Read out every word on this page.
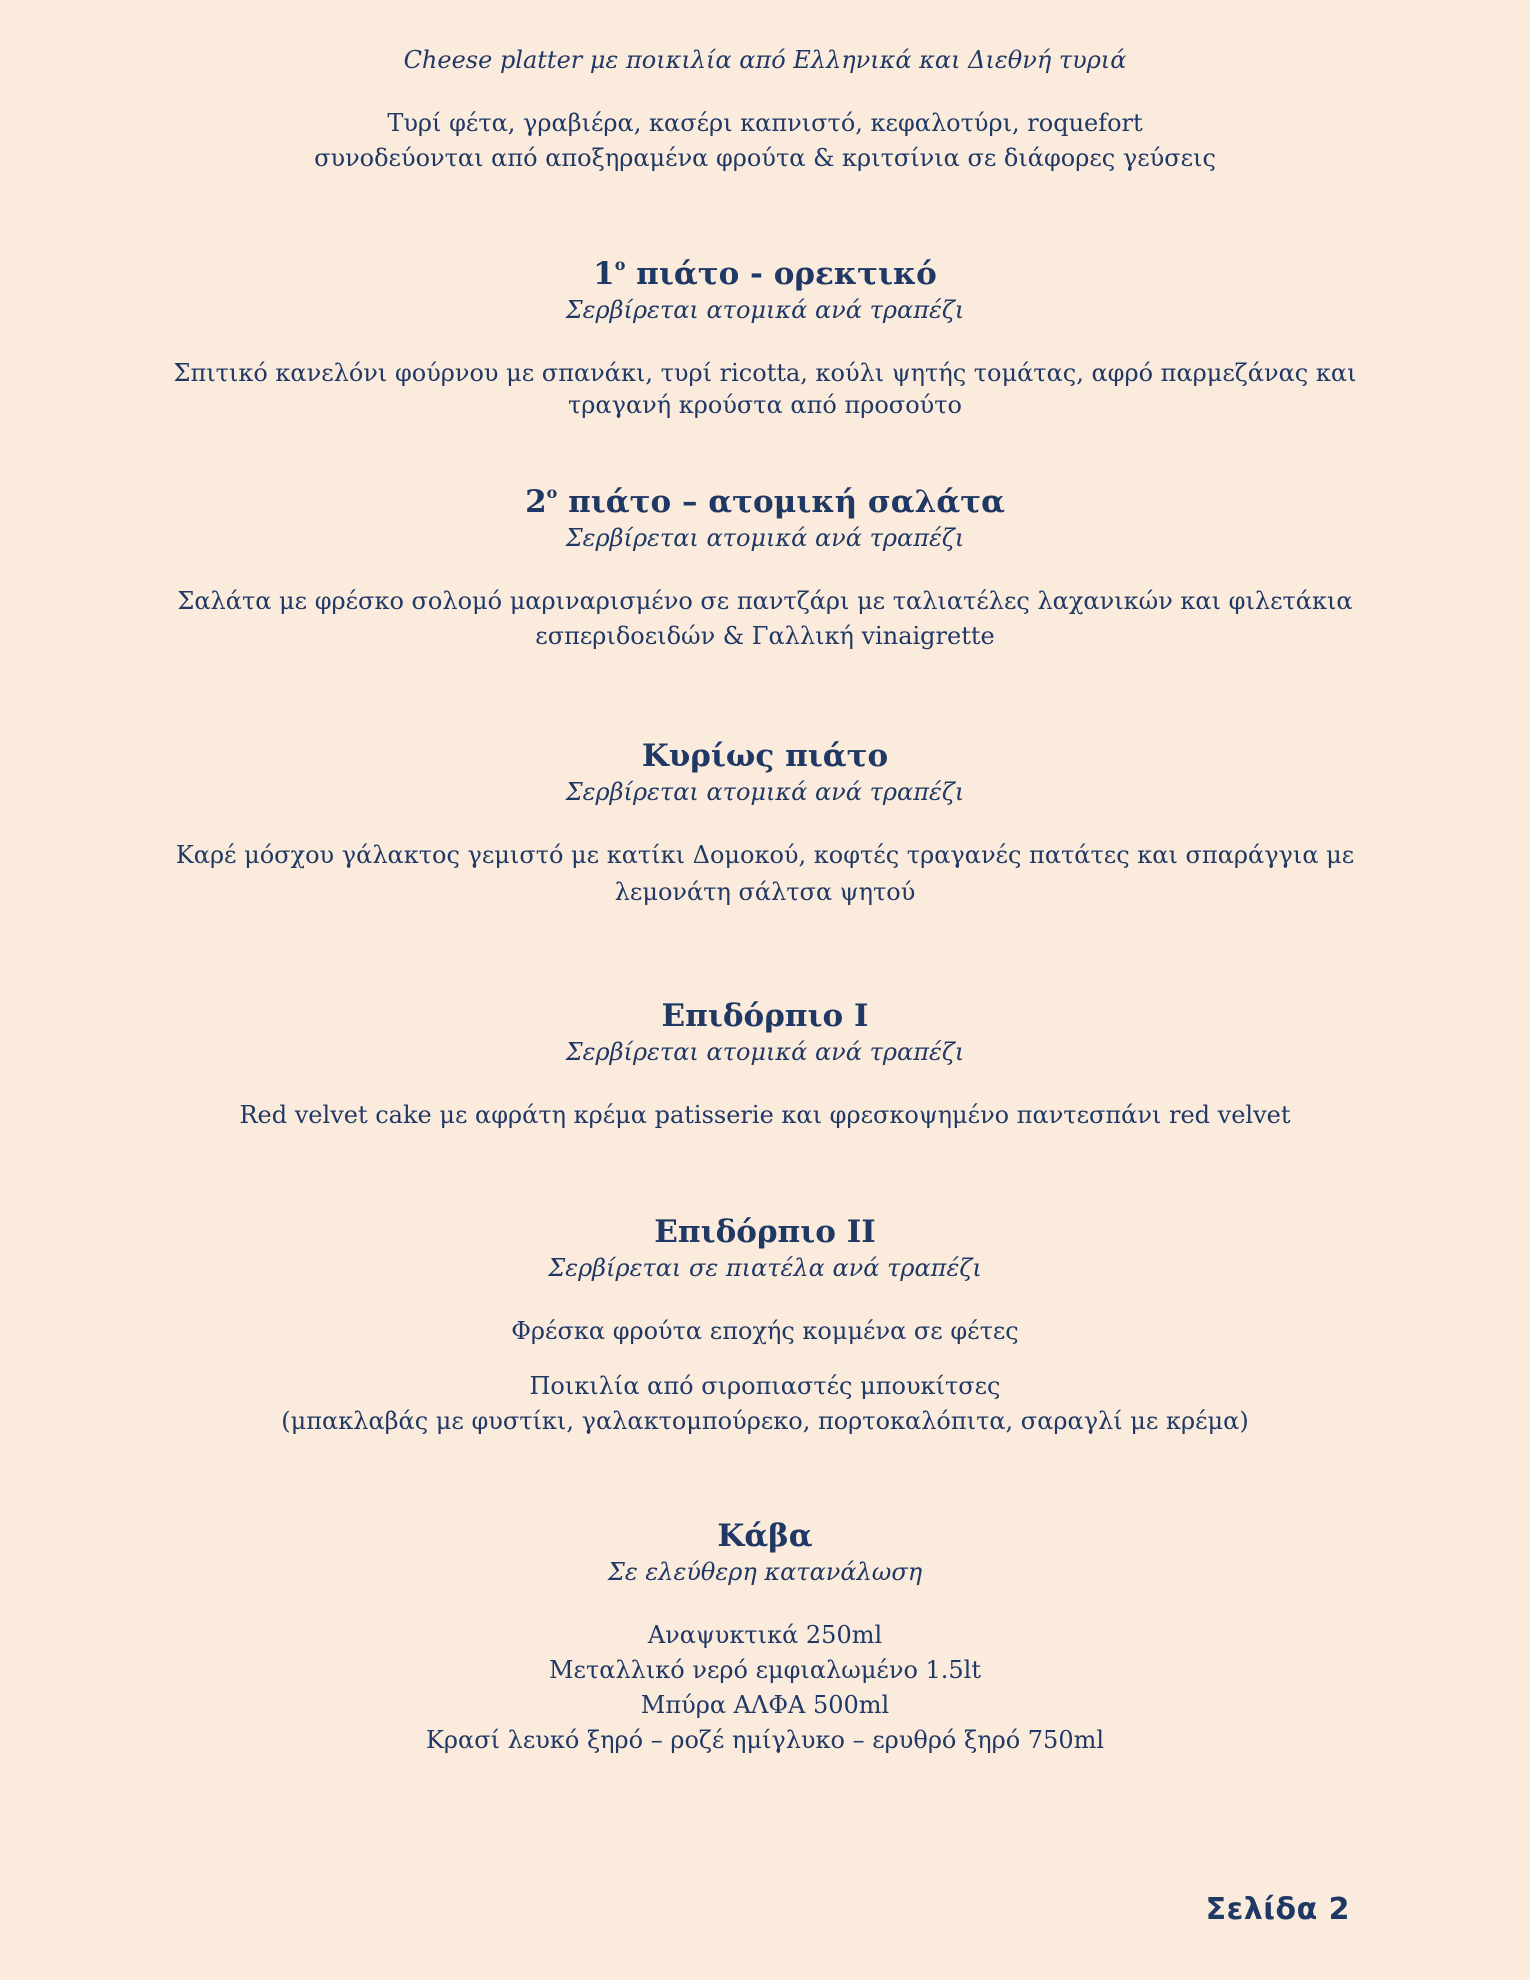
Cheese platter με ποικιλία από Ελληνικά και Διεθνή τυριά

Τυρί φέτα, γραβιέρα, κασέρι καπνιστό, κεφαλοτύρι, roquefort

συνοδεύονται από αποξηραμένα φρούτα & κριτσίνια σε διάφορες γεύσεις

$1^o$ πιάτο - ορεκτικό

Σερβίρεται ατομικά ανά τραπέζι

Σπιτικό κανελόνι φούρνου με σπανάκι, τυρί ricotta, κούλι ψητής τομάτας, αφρό παρμεζάνας και

τραγανή κρούστα από προσούτο

$2^o$ πιάτο – ατομική σαλάτα

Σερβίρεται ατομικά ανά τραπέζι

Σαλάτα με φρέσκο σολομό μαριναρισμένο σε παντζάρι με ταλιατέλες λαχανικών και φιλετάκια

εσπεριδοειδών & Γαλλική vinaigrette

Κυρίως πιάτο

Σερβίρεται ατομικά ανά τραπέζι

Καρέ μόσχου γάλακτος γεμιστό με κατίκι Δομοκού, κοφτές τραγανές πατάτες και σπαράγγια με

λεμονάτη σάλτσα ψητού

Επιδόρπιο Ι

Σερβίρεται ατομικά ανά τραπέζι

Red velvet cake με αφράτη κρέμα patisserie και φρεσκοψημένο παντεσπάνι red velvet

Επιδόρπιο ΙΙ

Σερβίρεται σε πιατέλα ανά τραπέζι

Φρέσκα φρούτα εποχής κομμένα σε φέτες

Ποικιλία από σιροπιαστές μπουκίτσες

(μπακλαβάς με φυστίκι, γαλακτομπούρεκο, πορτοκαλόπιτα, σαραγλί με κρέμα)

Κάβα

Σε ελεύθερη κατανάλωση

Αναψυκτικά 250ml

Μεταλλικό νερό εμφιαλωμένο 1.5lt

Μπύρα ΑΛΦΑ 500ml

Κρασί λευκό ξηρό – ροζέ ημίγλυκο – ερυθρό ξηρό 750ml

Σελίδα 2
